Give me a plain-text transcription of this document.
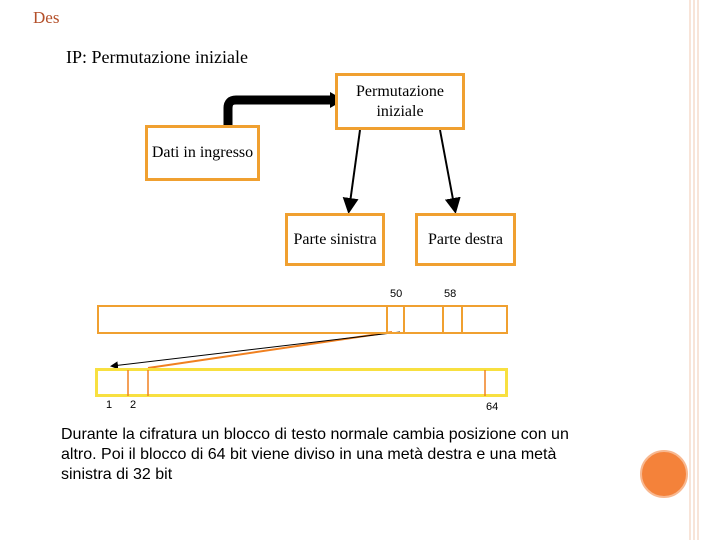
Des
IP: Permutazione iniziale
Permutazione iniziale
Dati in ingresso
Parte sinistra	Parte destra
50	58
1 2	64
Durante la cifratura un blocco di testo normale cambia posizione con un altro. Poi il blocco di 64 bit viene diviso in una metà destra e una metà sinistra di 32 bit
